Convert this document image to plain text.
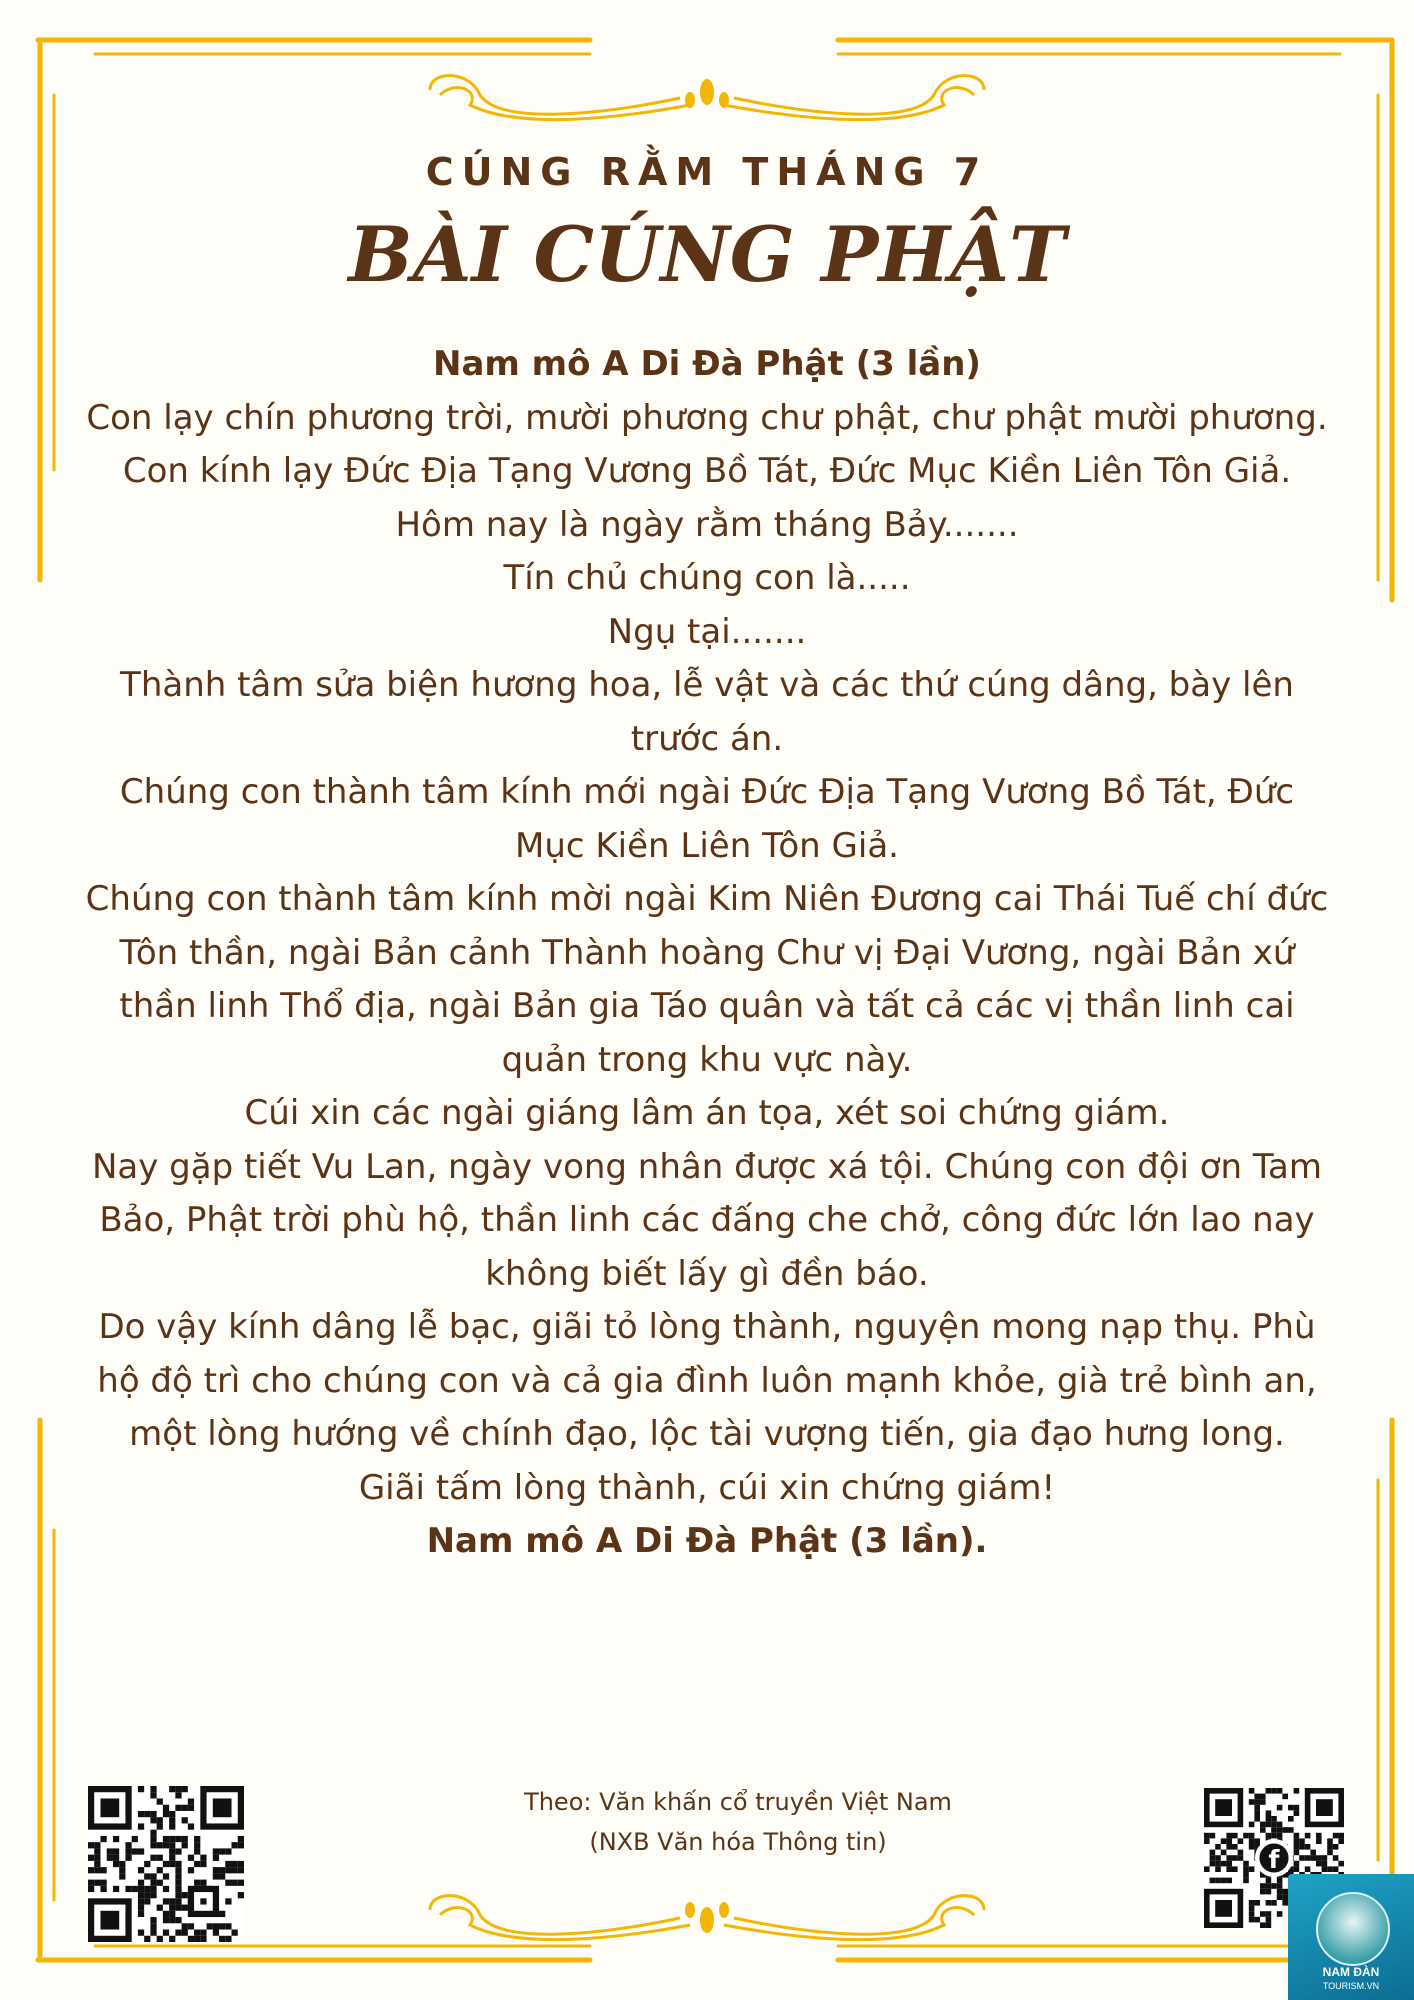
CÚNG RẰM THÁNG 7
BÀI CÚNG PHẬT

Nam mô A Di Đà Phật (3 lần)

Con lạy chín phương trời, mười phương chư phật, chư phật mười phương.

Con kính lạy Đức Địa Tạng Vương Bồ Tát, Đức Mục Kiền Liên Tôn Giả.

Hôm nay là ngày rằm tháng Bảy.......

Tín chủ chúng con là.....

Ngụ tại.......

Thành tâm sửa biện hương hoa, lễ vật và các thứ cúng dâng, bày lên trước án.

Chúng con thành tâm kính mới ngài Đức Địa Tạng Vương Bồ Tát, Đức Mục Kiền Liên Tôn Giả.

Chúng con thành tâm kính mời ngài Kim Niên Đương cai Thái Tuế chí đức Tôn thần, ngài Bản cảnh Thành hoàng Chư vị Đại Vương, ngài Bản xứ thần linh Thổ địa, ngài Bản gia Táo quân và tất cả các vị thần linh cai quản trong khu vực này.

Cúi xin các ngài giáng lâm án tọa, xét soi chứng giám.

Nay gặp tiết Vu Lan, ngày vong nhân được xá tội. Chúng con đội ơn Tam Bảo, Phật trời phù hộ, thần linh các đấng che chở, công đức lớn lao nay không biết lấy gì đền báo.

Do vậy kính dâng lễ bạc, giãi tỏ lòng thành, nguyện mong nạp thụ. Phù hộ độ trì cho chúng con và cả gia đình luôn mạnh khỏe, già trẻ bình an, một lòng hướng về chính đạo, lộc tài vượng tiến, gia đạo hưng long.

Giãi tấm lòng thành, cúi xin chứng giám!

Nam mô A Di Đà Phật (3 lần).

Theo: Văn khấn cổ truyền Việt Nam

(NXB Văn hóa Thông tin)

f
NAM ĐÀN
TOURISM.VN
